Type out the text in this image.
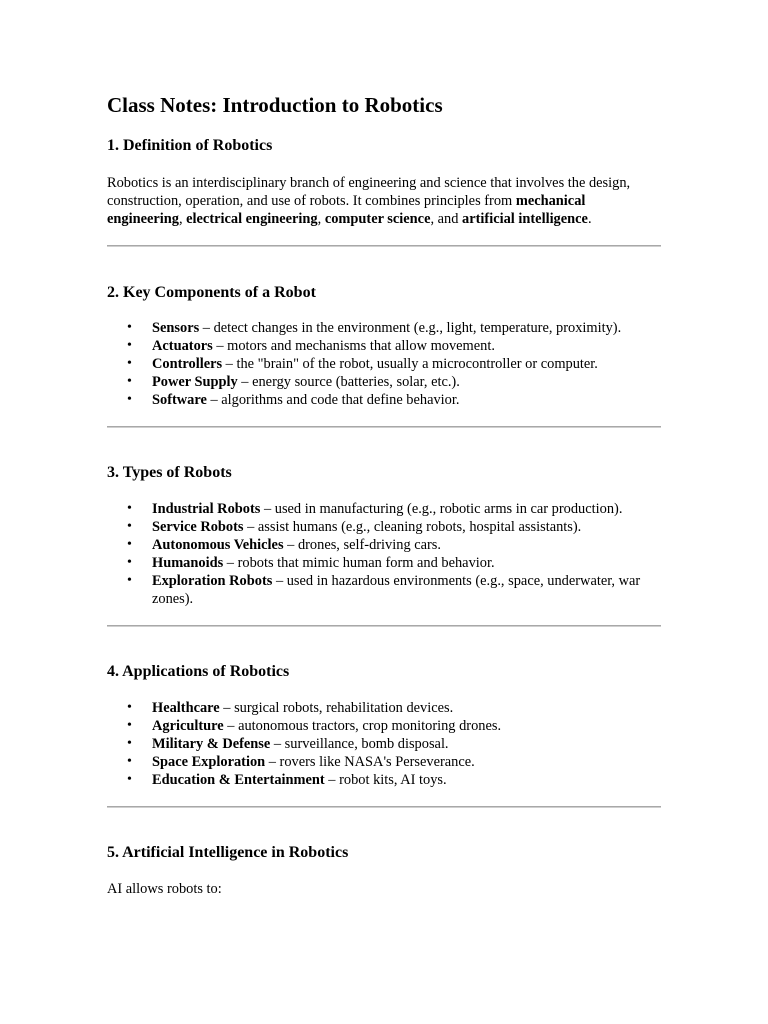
Class Notes: Introduction to Robotics
1. Definition of Robotics

Robotics is an interdisciplinary branch of engineering and science that involves the design, construction, operation, and use of robots. It combines principles from mechanical engineering, electrical engineering, computer science, and artificial intelligence.

2. Key Components of a Robot
• Sensors – detect changes in the environment (e.g., light, temperature, proximity).
• Actuators – motors and mechanisms that allow movement.
• Controllers – the "brain" of the robot, usually a microcontroller or computer.
• Power Supply – energy source (batteries, solar, etc.).
• Software – algorithms and code that define behavior.
3. Types of Robots
• Industrial Robots – used in manufacturing (e.g., robotic arms in car production).
• Service Robots – assist humans (e.g., cleaning robots, hospital assistants).
• Autonomous Vehicles – drones, self-driving cars.
• Humanoids – robots that mimic human form and behavior.
• Exploration Robots – used in hazardous environments (e.g., space, underwater, war zones).
4. Applications of Robotics
• Healthcare – surgical robots, rehabilitation devices.
• Agriculture – autonomous tractors, crop monitoring drones.
• Military & Defense – surveillance, bomb disposal.
• Space Exploration – rovers like NASA's Perseverance.
• Education & Entertainment – robot kits, AI toys.
5. Artificial Intelligence in Robotics

AI allows robots to:
